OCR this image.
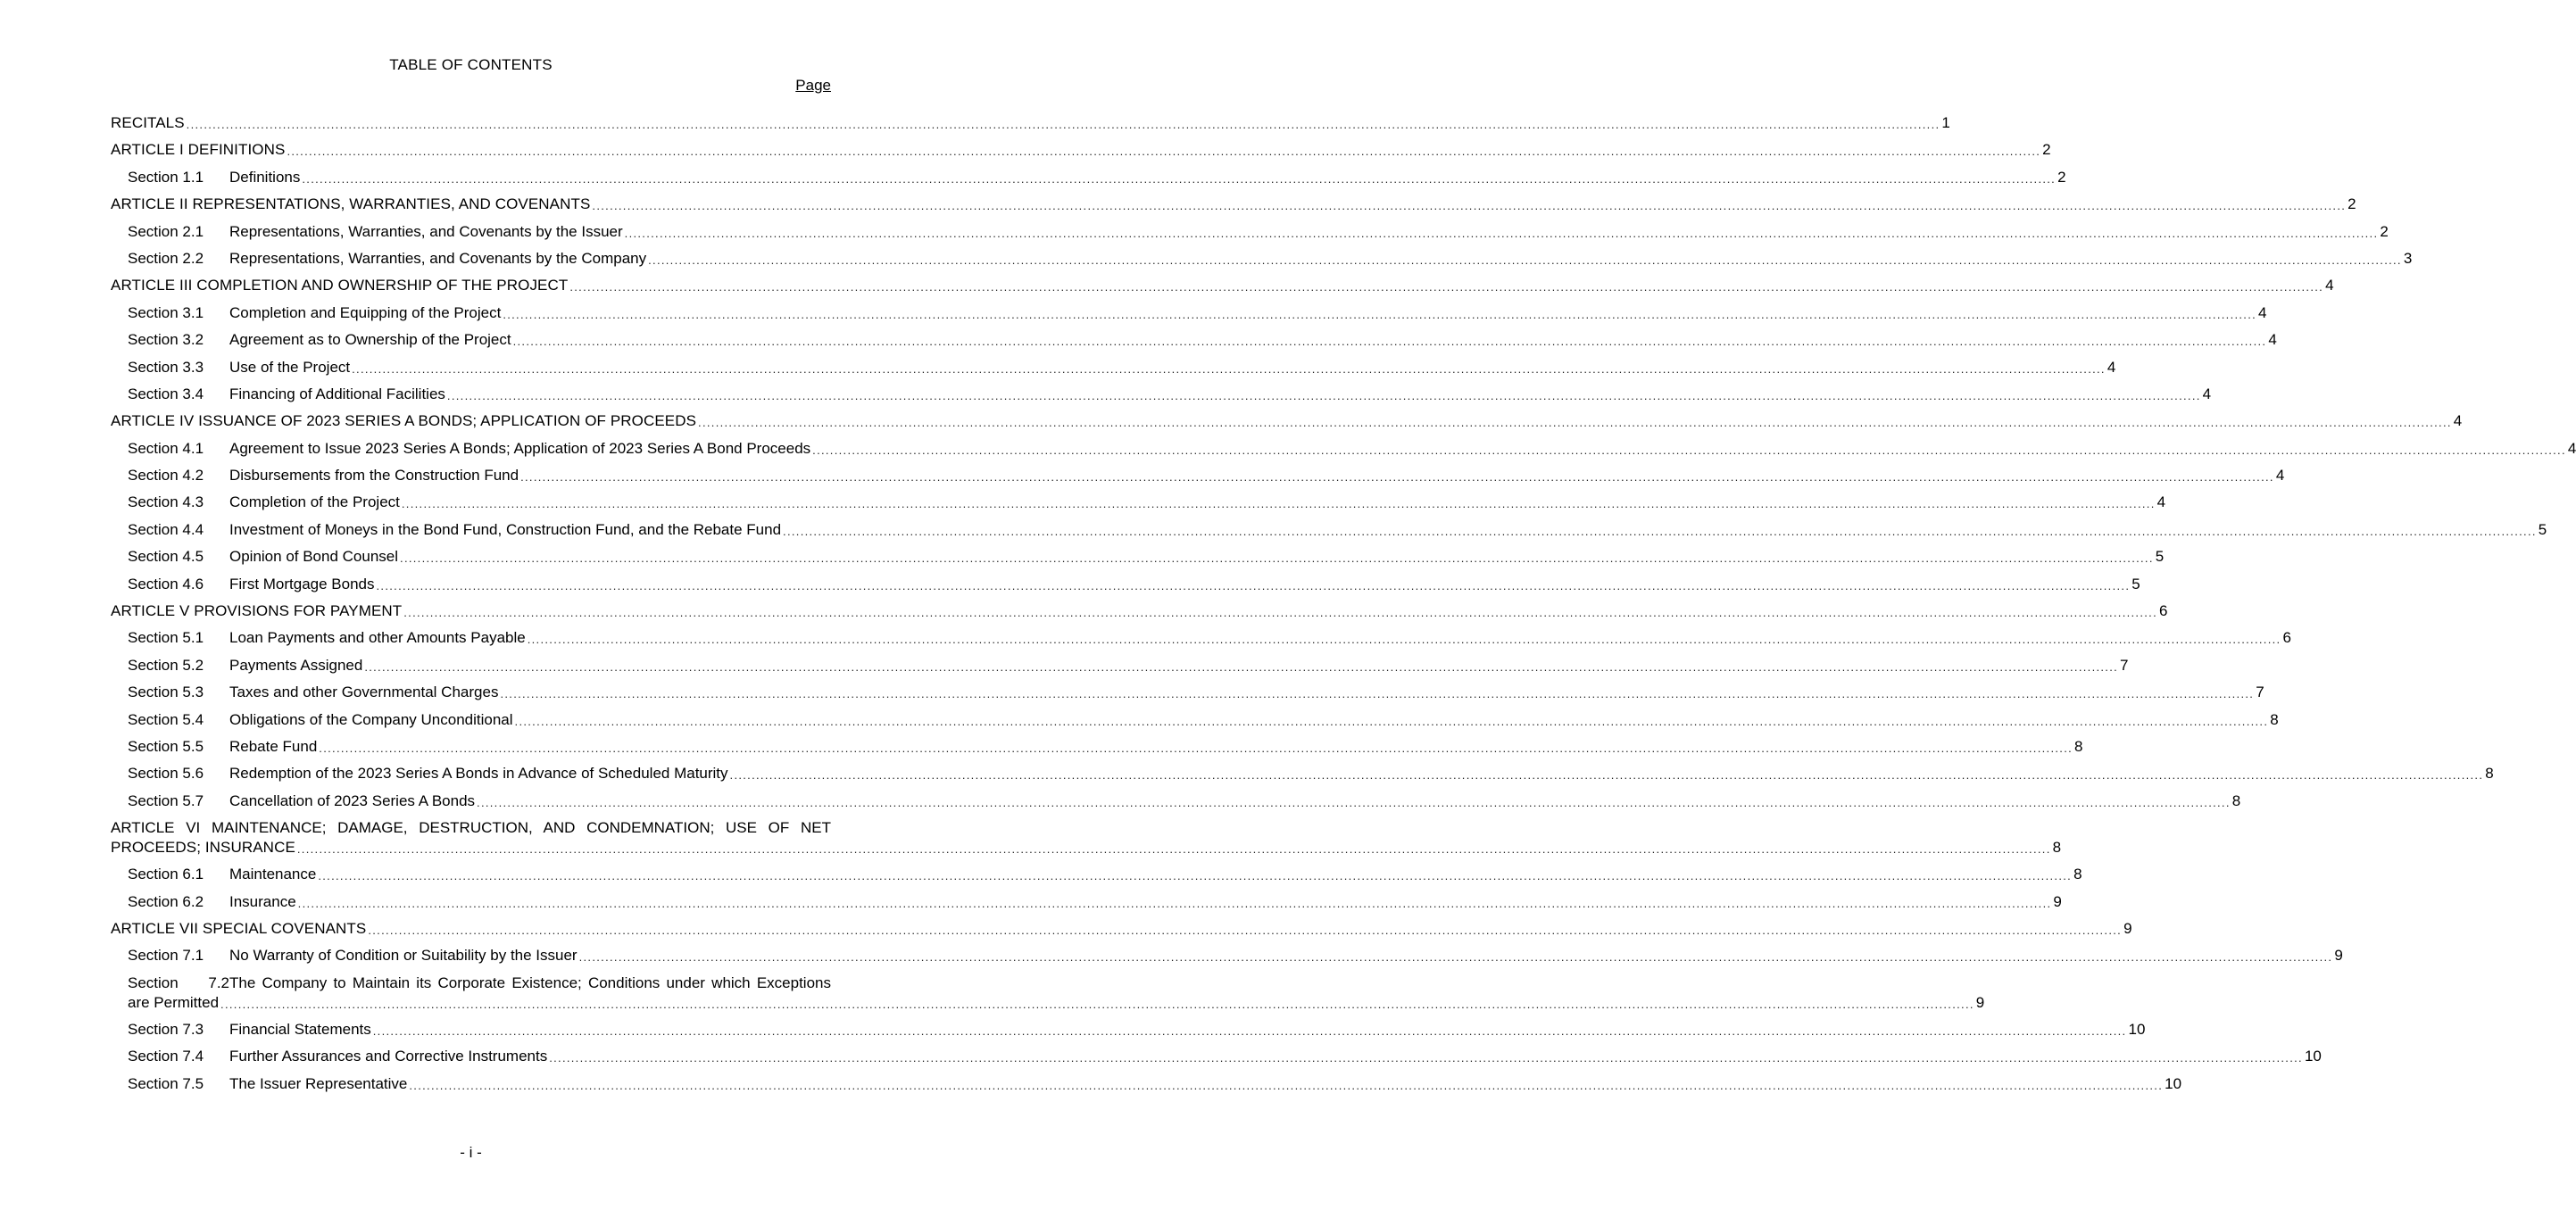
TABLE OF CONTENTS
Page
RECITALS ................................................................................................................................................................................................................................................................................................................................................................................................................ 1
ARTICLE I DEFINITIONS ................................................................................................................................................................................................................................................................................................................................................................................................................ 2
Section 1.1	Definitions ................................................................................................................................................................................................................................................................................................................................................................................................................ 2
ARTICLE II REPRESENTATIONS, WARRANTIES, AND COVENANTS ................................................................................................................................................................................................................................................................................................................................................................................................................ 2
Section 2.1	Representations, Warranties, and Covenants by the Issuer ................................................................................................................................................................................................................................................................................................................................................................................................................ 2
Section 2.2	Representations, Warranties, and Covenants by the Company ................................................................................................................................................................................................................................................................................................................................................................................................................ 3
ARTICLE III COMPLETION AND OWNERSHIP OF THE PROJECT ................................................................................................................................................................................................................................................................................................................................................................................................................ 4
Section 3.1	Completion and Equipping of the Project ................................................................................................................................................................................................................................................................................................................................................................................................................ 4
Section 3.2	Agreement as to Ownership of the Project ................................................................................................................................................................................................................................................................................................................................................................................................................ 4
Section 3.3	Use of the Project ................................................................................................................................................................................................................................................................................................................................................................................................................ 4
Section 3.4	Financing of Additional Facilities ................................................................................................................................................................................................................................................................................................................................................................................................................ 4
ARTICLE IV ISSUANCE OF 2023 SERIES A BONDS; APPLICATION OF PROCEEDS ................................................................................................................................................................................................................................................................................................................................................................................................................ 4
Section 4.1	Agreement to Issue 2023 Series A Bonds; Application of 2023 Series A Bond Proceeds ................................................................................................................................................................................................................................................................................................................................................................................................................ 4
Section 4.2	Disbursements from the Construction Fund ................................................................................................................................................................................................................................................................................................................................................................................................................ 4
Section 4.3	Completion of the Project ................................................................................................................................................................................................................................................................................................................................................................................................................ 4
Section 4.4	Investment of Moneys in the Bond Fund, Construction Fund, and the Rebate Fund ................................................................................................................................................................................................................................................................................................................................................................................................................ 5
Section 4.5	Opinion of Bond Counsel ................................................................................................................................................................................................................................................................................................................................................................................................................ 5
Section 4.6	First Mortgage Bonds ................................................................................................................................................................................................................................................................................................................................................................................................................ 5
ARTICLE V PROVISIONS FOR PAYMENT ................................................................................................................................................................................................................................................................................................................................................................................................................ 6
Section 5.1	Loan Payments and other Amounts Payable ................................................................................................................................................................................................................................................................................................................................................................................................................ 6
Section 5.2	Payments Assigned ................................................................................................................................................................................................................................................................................................................................................................................................................ 7
Section 5.3	Taxes and other Governmental Charges ................................................................................................................................................................................................................................................................................................................................................................................................................ 7
Section 5.4	Obligations of the Company Unconditional ................................................................................................................................................................................................................................................................................................................................................................................................................ 8
Section 5.5	Rebate Fund ................................................................................................................................................................................................................................................................................................................................................................................................................ 8
Section 5.6	Redemption of the 2023 Series A Bonds in Advance of Scheduled Maturity ................................................................................................................................................................................................................................................................................................................................................................................................................ 8
Section 5.7	Cancellation of 2023 Series A Bonds ................................................................................................................................................................................................................................................................................................................................................................................................................ 8
ARTICLE VI MAINTENANCE; DAMAGE, DESTRUCTION, AND CONDEMNATION; USE OF NET
PROCEEDS; INSURANCE ................................................................................................................................................................................................................................................................................................................................................................................................................ 8
Section 6.1	Maintenance ................................................................................................................................................................................................................................................................................................................................................................................................................ 8
Section 6.2	Insurance ................................................................................................................................................................................................................................................................................................................................................................................................................ 9
ARTICLE VII SPECIAL COVENANTS ................................................................................................................................................................................................................................................................................................................................................................................................................ 9
Section 7.1	No Warranty of Condition or Suitability by the Issuer ................................................................................................................................................................................................................................................................................................................................................................................................................ 9
Section 7.2 The Company to Maintain its Corporate Existence; Conditions under which Exceptions
are Permitted ................................................................................................................................................................................................................................................................................................................................................................................................................ 9
Section 7.3	Financial Statements ................................................................................................................................................................................................................................................................................................................................................................................................................ 10
Section 7.4	Further Assurances and Corrective Instruments ................................................................................................................................................................................................................................................................................................................................................................................................................ 10
Section 7.5	The Issuer Representative ................................................................................................................................................................................................................................................................................................................................................................................................................ 10
- i -
